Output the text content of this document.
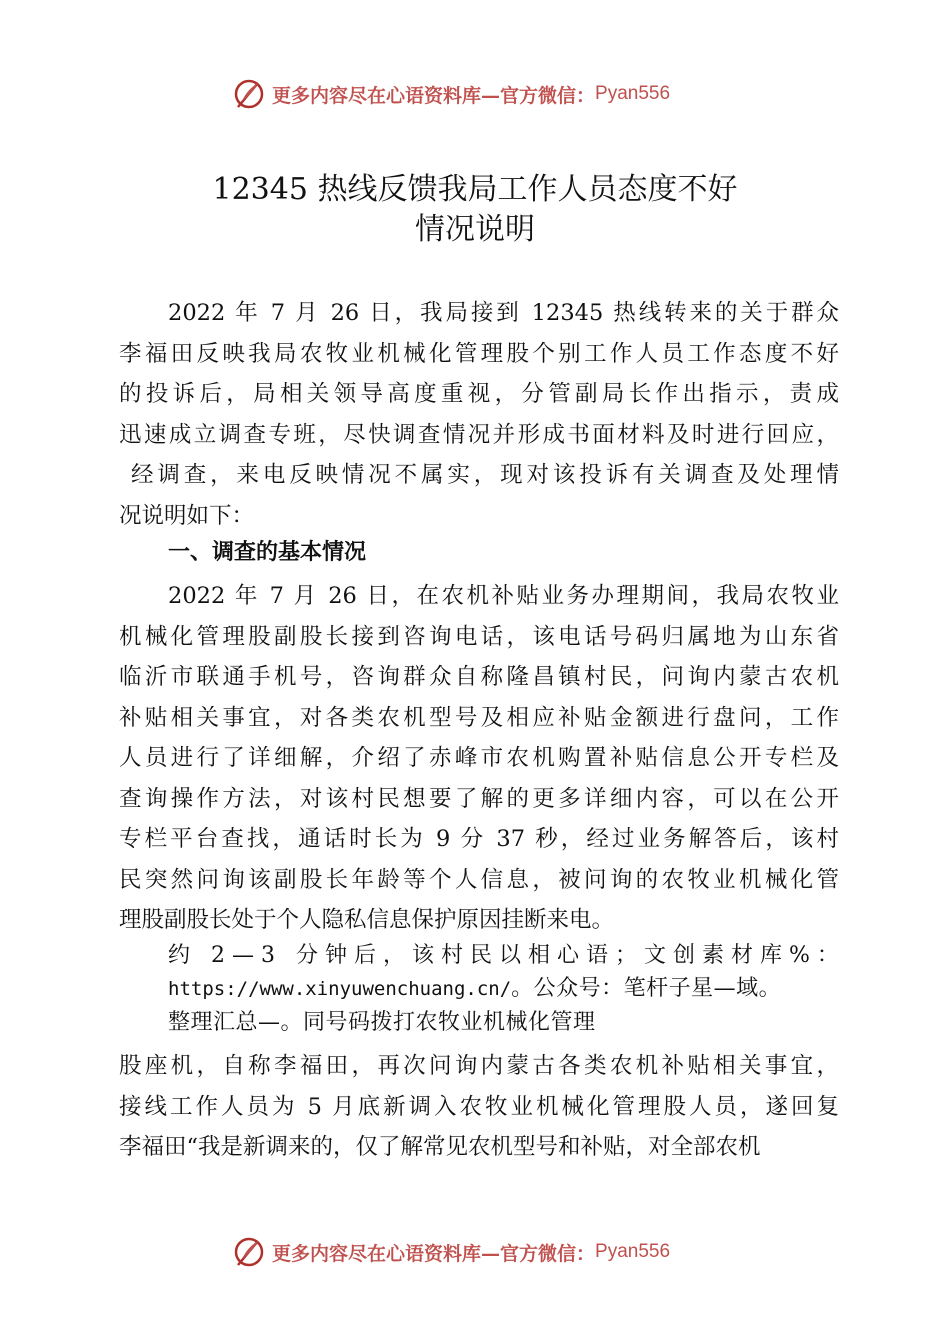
更多内容尽在心语资料库—官方微信： Pyan556
12345 热线反馈我局工作人员态度不好
情况说明
2022 年 7 月 26 日，我局接到 12345 热线转来的关于群众
李福田反映我局农牧业机械化管理股个别工作人员工作态度不好
的投诉后，局相关领导高度重视，分管副局长作出指示，责成
迅速成立调查专班，尽快调查情况并形成书面材料及时进行回应，
经调查，来电反映情况不属实，现对该投诉有关调查及处理情
况说明如下：
一、调查的基本情况
2022 年 7 月 26 日，在农机补贴业务办理期间，我局农牧业
机械化管理股副股长接到咨询电话，该电话号码归属地为山东省
临沂市联通手机号，咨询群众自称隆昌镇村民，问询内蒙古农机
补贴相关事宜，对各类农机型号及相应补贴金额进行盘问，工作
人员进行了详细解，介绍了赤峰市农机购置补贴信息公开专栏及
查询操作方法，对该村民想要了解的更多详细内容，可以在公开
专栏平台查找，通话时长为 9 分 37 秒，经过业务解答后，该村
民突然问询该副股长年龄等个人信息，被问询的农牧业机械化管
理股副股长处于个人隐私信息保护原因挂断来电。
约 2—3 分钟后，该村民以相心语；文创素材库%：
https://www.xinyuwenchuang.cn/。公众号：笔杆子星—域。
整理汇总—。同号码拨打农牧业机械化管理
股座机，自称李福田，再次问询内蒙古各类农机补贴相关事宜，
接线工作人员为 5 月底新调入农牧业机械化管理股人员，遂回复
李福田“我是新调来的，仅了解常见农机型号和补贴，对全部农机
更多内容尽在心语资料库—官方微信： Pyan556
